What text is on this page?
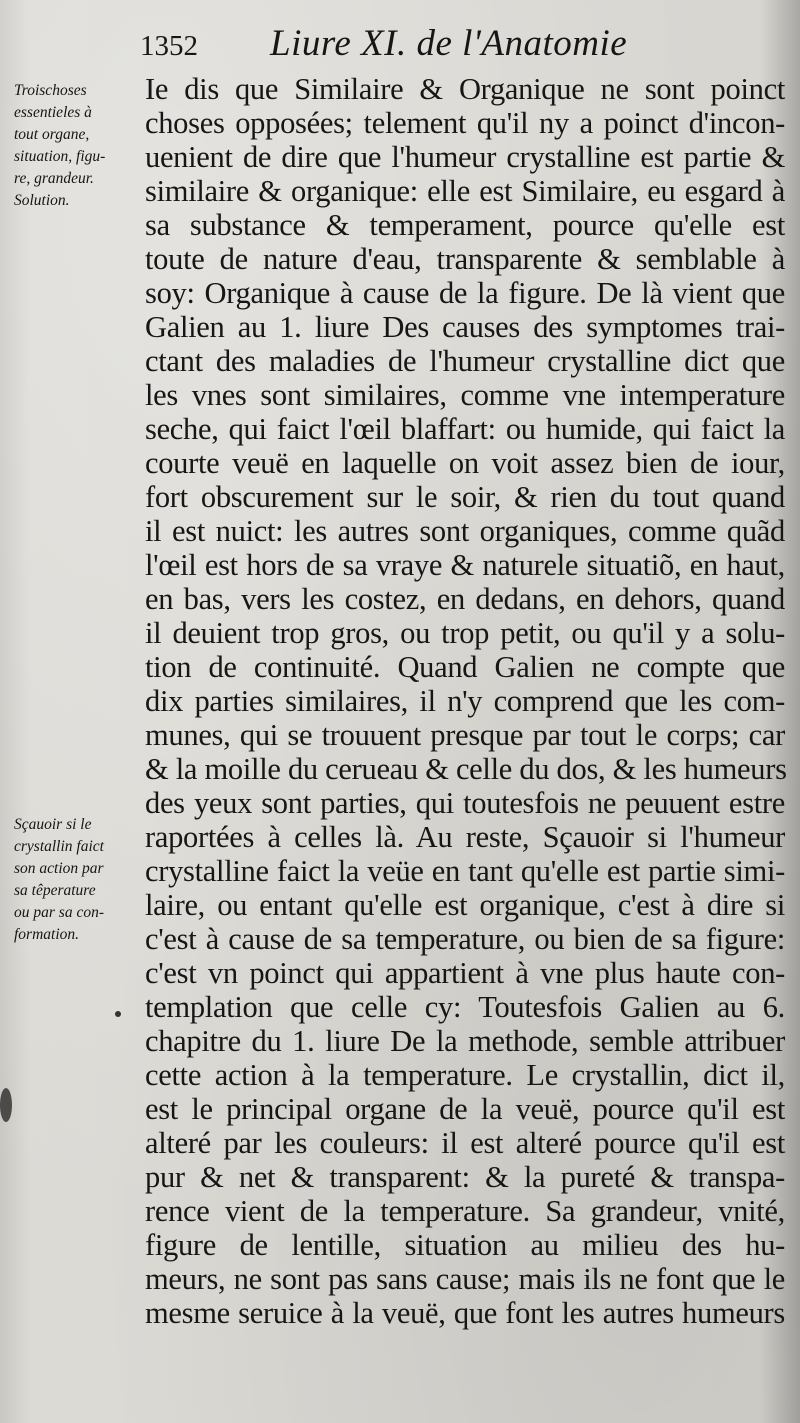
1352 Liure XI. de l'Anatomie
Troischoses
essentieles à
tout organe,
situation, figu-
re, grandeur.
Solution.
Sçauoir si le
crystallin faict
son action par
sa têperature
ou par sa con-
formation.
Ie dis que Similaire & Organique ne sont poinct
choses opposées; telement qu'il ny a poinct d'incon-
uenient de dire que l'humeur crystalline est partie &
similaire & organique: elle est Similaire, eu esgard à
sa substance & temperament, pource qu'elle est
toute de nature d'eau, transparente & semblable à
soy: Organique à cause de la figure. De là vient que
Galien au 1. liure Des causes des symptomes trai-
ctant des maladies de l'humeur crystalline dict que
les vnes sont similaires, comme vne intemperature
seche, qui faict l'œil blaffart: ou humide, qui faict la
courte veuë en laquelle on voit assez bien de iour,
fort obscurement sur le soir, & rien du tout quand
il est nuict: les autres sont organiques, comme quãd
l'œil est hors de sa vraye & naturele situatiõ, en haut,
en bas, vers les costez, en dedans, en dehors, quand
il deuient trop gros, ou trop petit, ou qu'il y a solu-
tion de continuité. Quand Galien ne compte que
dix parties similaires, il n'y comprend que les com-
munes, qui se trouuent presque par tout le corps; car
& la moille du cerueau & celle du dos, & les humeurs
des yeux sont parties, qui toutesfois ne peuuent estre
raportées à celles là. Au reste, Sçauoir si l'humeur
crystalline faict la veüe en tant qu'elle est partie simi-
laire, ou entant qu'elle est organique, c'est à dire si
c'est à cause de sa temperature, ou bien de sa figure:
c'est vn poinct qui appartient à vne plus haute con-
templation que celle cy: Toutesfois Galien au 6.
chapitre du 1. liure De la methode, semble attribuer
cette action à la temperature. Le crystallin, dict il,
est le principal organe de la veuë, pource qu'il est
alteré par les couleurs: il est alteré pource qu'il est
pur & net & transparent: & la pureté & transpa-
rence vient de la temperature. Sa grandeur, vnité,
figure de lentille, situation au milieu des hu-
meurs, ne sont pas sans cause; mais ils ne font que le
mesme seruice à la veuë, que font les autres humeurs
